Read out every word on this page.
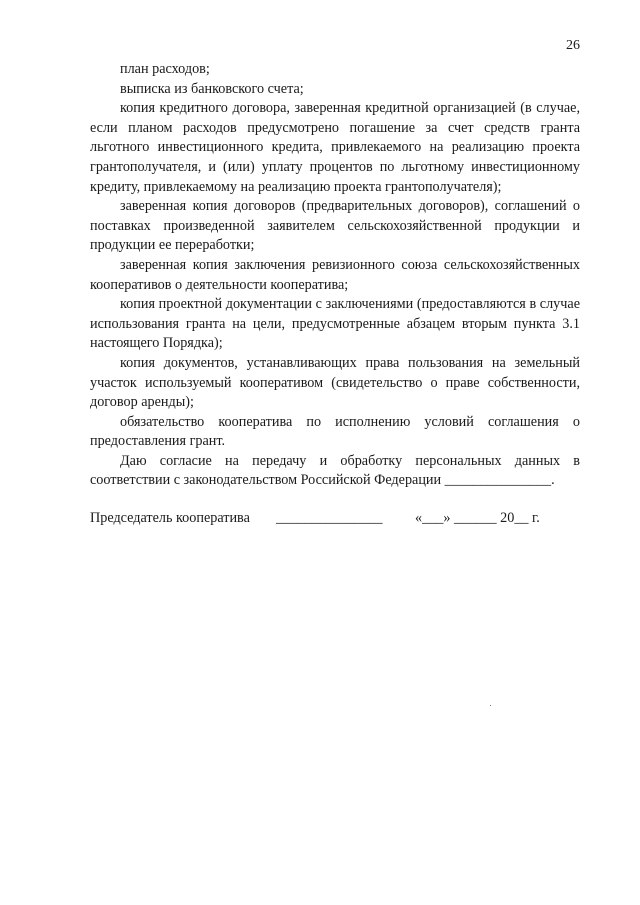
26

план расходов;

выписка из банковского счета;

копия кредитного договора, заверенная кредитной организацией (в случае, если планом расходов предусмотрено погашение за счет средств гранта льготного инвестиционного кредита, привлекаемого на реализацию проекта грантополучателя, и (или) уплату процентов по льготному инвестиционному кредиту, привлекаемому на реализацию проекта грантополучателя);

заверенная копия договоров (предварительных договоров), соглашений о поставках произведенной заявителем сельскохозяйственной продукции и продукции ее переработки;

заверенная копия заключения ревизионного союза сельскохозяйственных кооперативов о деятельности кооператива;

копия проектной документации с заключениями (предоставляются в случае использования гранта на цели, предусмотренные абзацем вторым пункта 3.1 настоящего Порядка);

копия документов, устанавливающих права пользования на земельный участок используемый кооперативом (свидетельство о праве собственности, договор аренды);

обязательство кооператива по исполнению условий соглашения о предоставления грант.

Даю согласие на передачу и обработку персональных данных в соответствии с законодательством Российской Федерации _______________.

Председатель кооператива _______________ «___» ______ 20__ г.
